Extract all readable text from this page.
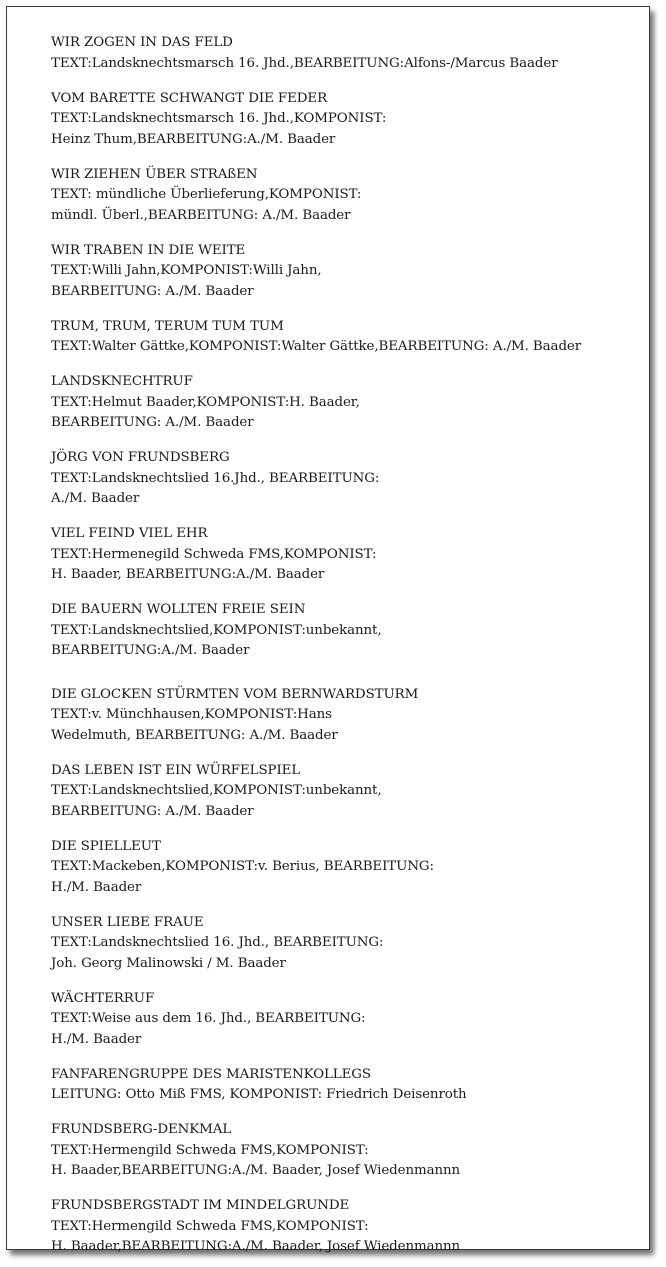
WIR ZOGEN IN DAS FELD
TEXT:Landsknechtsmarsch 16. Jhd.,BEARBEITUNG:Alfons-/Marcus Baader

VOM BARETTE SCHWANGT DIE FEDER
TEXT:Landsknechtsmarsch 16. Jhd.,KOMPONIST:
Heinz Thum,BEARBEITUNG:A./M. Baader

WIR ZIEHEN ÜBER STRAßEN
TEXT: mündliche Überlieferung,KOMPONIST:
mündl. Überl.,BEARBEITUNG: A./M. Baader

WIR TRABEN IN DIE WEITE
TEXT:Willi Jahn,KOMPONIST:Willi Jahn,
BEARBEITUNG: A./M. Baader

TRUM, TRUM, TERUM TUM TUM
TEXT:Walter Gättke,KOMPONIST:Walter Gättke,BEARBEITUNG: A./M. Baader

LANDSKNECHTRUF
TEXT:Helmut Baader,KOMPONIST:H. Baader,
BEARBEITUNG: A./M. Baader

JÖRG VON FRUNDSBERG
TEXT:Landsknechtslied 16.Jhd., BEARBEITUNG:
A./M. Baader

VIEL FEIND VIEL EHR
TEXT:Hermenegild Schweda FMS,KOMPONIST:
H. Baader, BEARBEITUNG:A./M. Baader

DIE BAUERN WOLLTEN FREIE SEIN
TEXT:Landsknechtslied,KOMPONIST:unbekannt,
BEARBEITUNG:A./M. Baader

DIE GLOCKEN STÜRMTEN VOM BERNWARDSTURM
TEXT:v. Münchhausen,KOMPONIST:Hans
Wedelmuth, BEARBEITUNG: A./M. Baader

DAS LEBEN IST EIN WÜRFELSPIEL
TEXT:Landsknechtslied,KOMPONIST:unbekannt,
BEARBEITUNG: A./M. Baader

DIE SPIELLEUT
TEXT:Mackeben,KOMPONIST:v. Berius, BEARBEITUNG:
H./M. Baader

UNSER LIEBE FRAUE
TEXT:Landsknechtslied 16. Jhd., BEARBEITUNG:
Joh. Georg Malinowski / M. Baader

WÄCHTERRUF
TEXT:Weise aus dem 16. Jhd., BEARBEITUNG:
H./M. Baader

FANFARENGRUPPE DES MARISTENKOLLEGS
LEITUNG: Otto Miß FMS, KOMPONIST: Friedrich Deisenroth

FRUNDSBERG-DENKMAL
TEXT:Hermengild Schweda FMS,KOMPONIST:
H. Baader,BEARBEITUNG:A./M. Baader, Josef Wiedenmannn

FRUNDSBERGSTADT IM MINDELGRUNDE
TEXT:Hermengild Schweda FMS,KOMPONIST:
H. Baader,BEARBEITUNG:A./M. Baader, Josef Wiedenmannn
